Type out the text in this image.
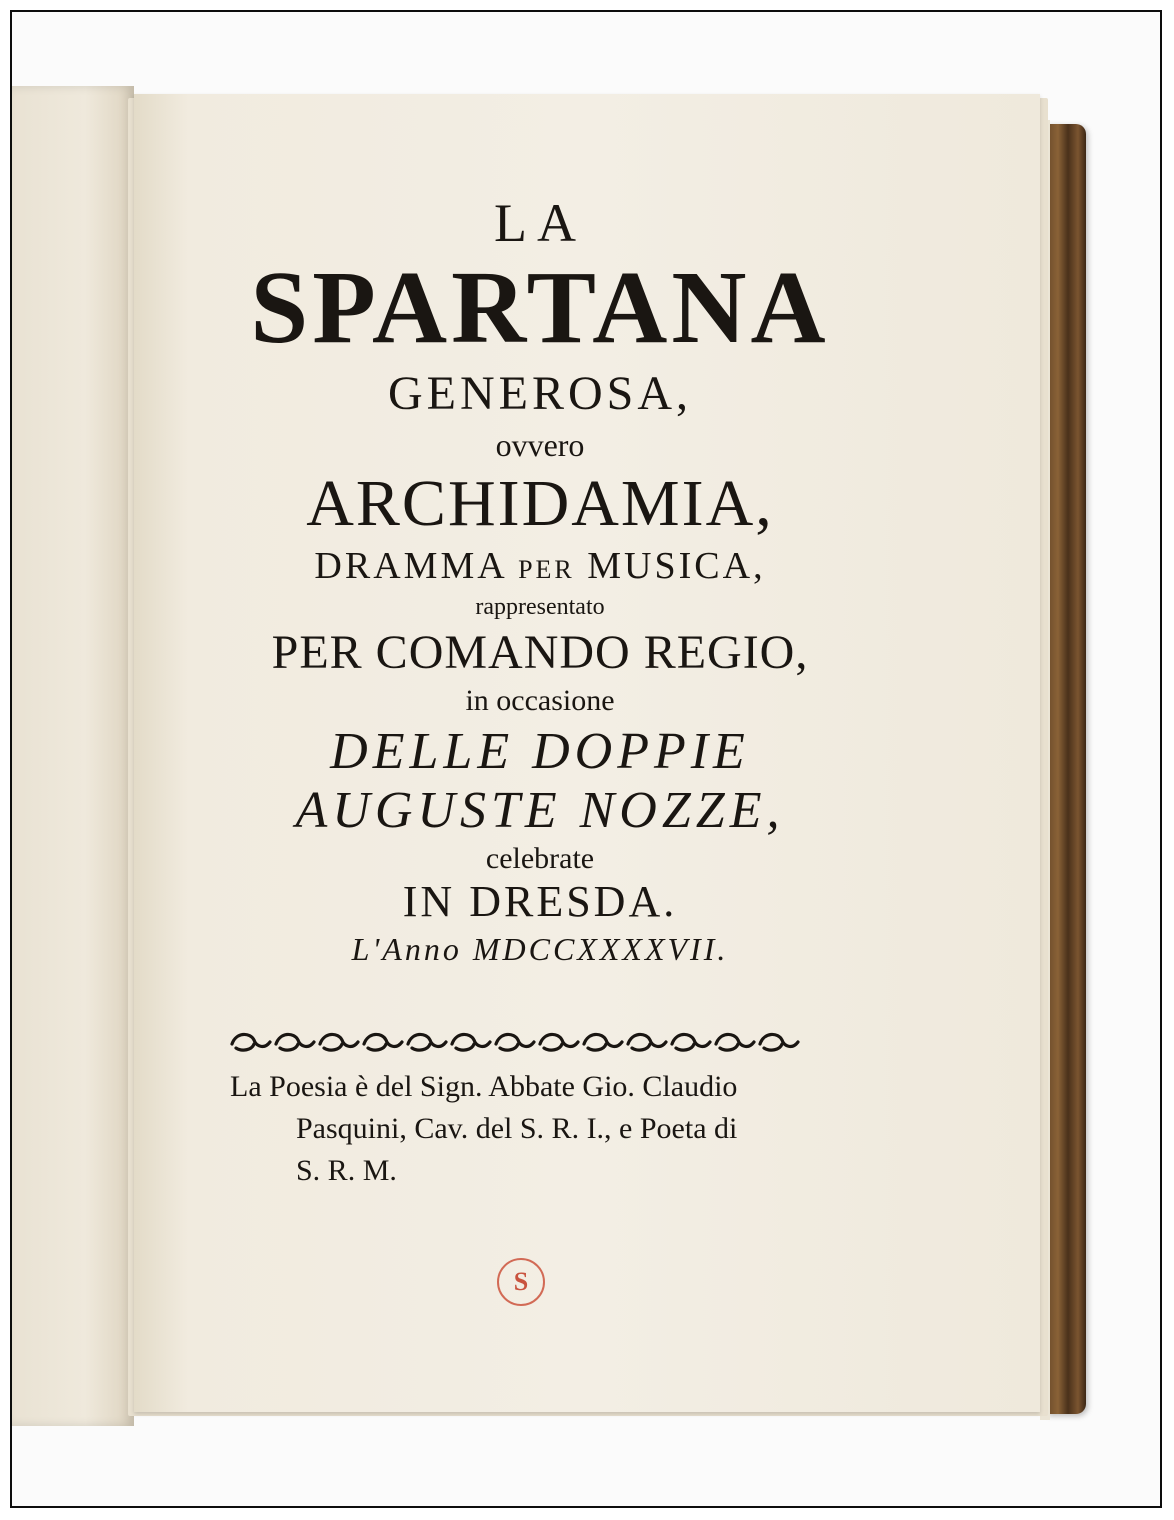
LA
SPARTANA
GENEROSA,
ovvero
ARCHIDAMIA,
DRAMMA PER MUSICA,
rappresentato
PER COMANDO REGIO,
in occasione
DELLE DOPPIE
AUGUSTE NOZZE,
celebrate
IN DRESDA.
L'Anno MDCCXXXXVII.
La Poesia è del Sign. Abbate Gio. Claudio
Pasquini, Cav. del S. R. I., e Poeta di
S. R. M.
S
